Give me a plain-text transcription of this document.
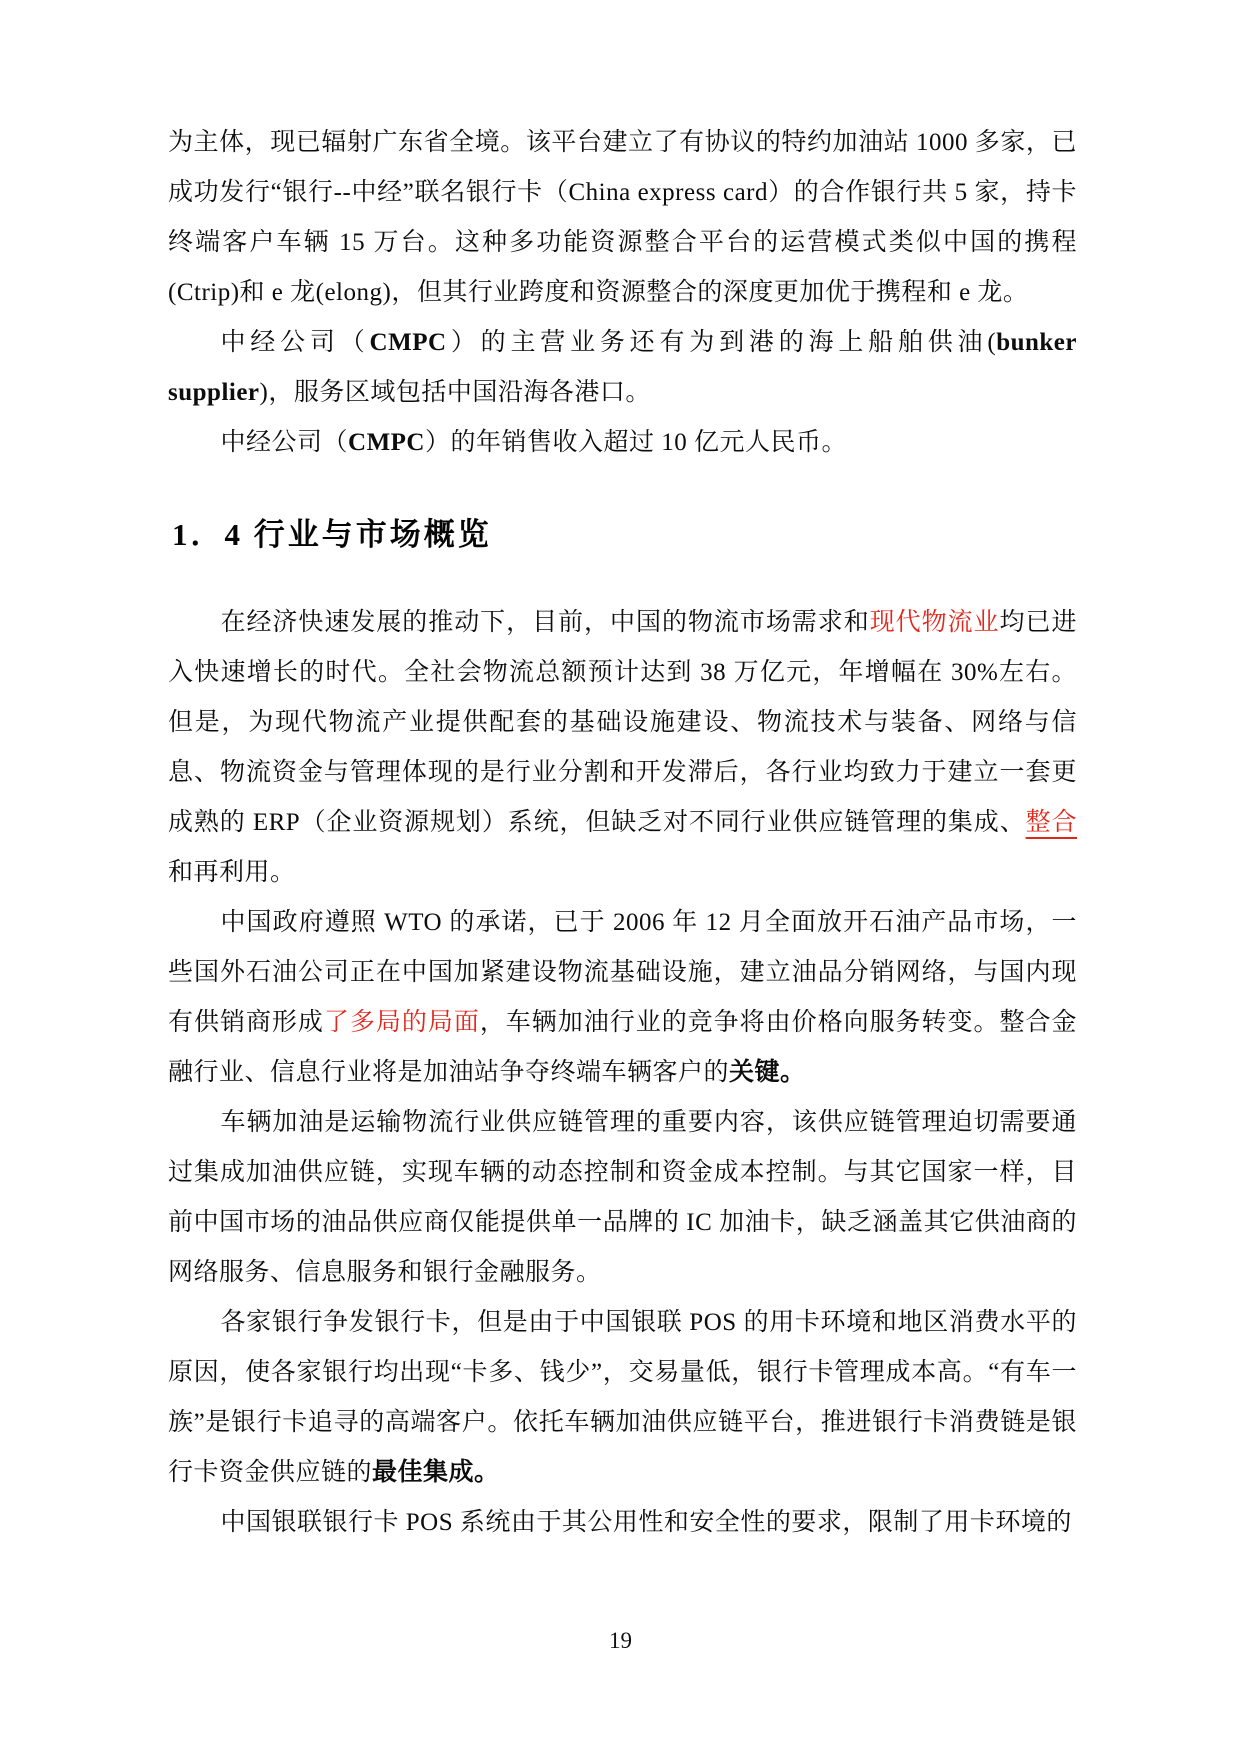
为主体，现已辐射广东省全境。该平台建立了有协议的特约加油站 1000 多家，已成功发行“银行--中经”联名银行卡（China express card）的合作银行共 5 家，持卡终端客户车辆 15 万台。这种多功能资源整合平台的运营模式类似中国的携程(Ctrip)和 e 龙(elong)，但其行业跨度和资源整合的深度更加优于携程和 e 龙。

中经公司（CMPC）的主营业务还有为到港的海上船舶供油(bunker supplier)，服务区域包括中国沿海各港口。

中经公司（CMPC）的年销售收入超过 10 亿元人民币。

1．4 行业与市场概览

在经济快速发展的推动下，目前，中国的物流市场需求和现代物流业均已进入快速增长的时代。全社会物流总额预计达到 38 万亿元，年增幅在 30%左右。但是，为现代物流产业提供配套的基础设施建设、物流技术与装备、网络与信息、物流资金与管理体现的是行业分割和开发滞后，各行业均致力于建立一套更成熟的 ERP（企业资源规划）系统，但缺乏对不同行业供应链管理的集成、整合和再利用。

中国政府遵照 WTO 的承诺，已于 2006 年 12 月全面放开石油产品市场，一些国外石油公司正在中国加紧建设物流基础设施，建立油品分销网络，与国内现有供销商形成了多局的局面，车辆加油行业的竞争将由价格向服务转变。整合金融行业、信息行业将是加油站争夺终端车辆客户的关键。

车辆加油是运输物流行业供应链管理的重要内容，该供应链管理迫切需要通过集成加油供应链，实现车辆的动态控制和资金成本控制。与其它国家一样，目前中国市场的油品供应商仅能提供单一品牌的 IC 加油卡，缺乏涵盖其它供油商的网络服务、信息服务和银行金融服务。

各家银行争发银行卡，但是由于中国银联 POS 的用卡环境和地区消费水平的原因，使各家银行均出现“卡多、钱少”，交易量低，银行卡管理成本高。“有车一族”是银行卡追寻的高端客户。依托车辆加油供应链平台，推进银行卡消费链是银行卡资金供应链的最佳集成。

中国银联银行卡 POS 系统由于其公用性和安全性的要求，限制了用卡环境的

19
